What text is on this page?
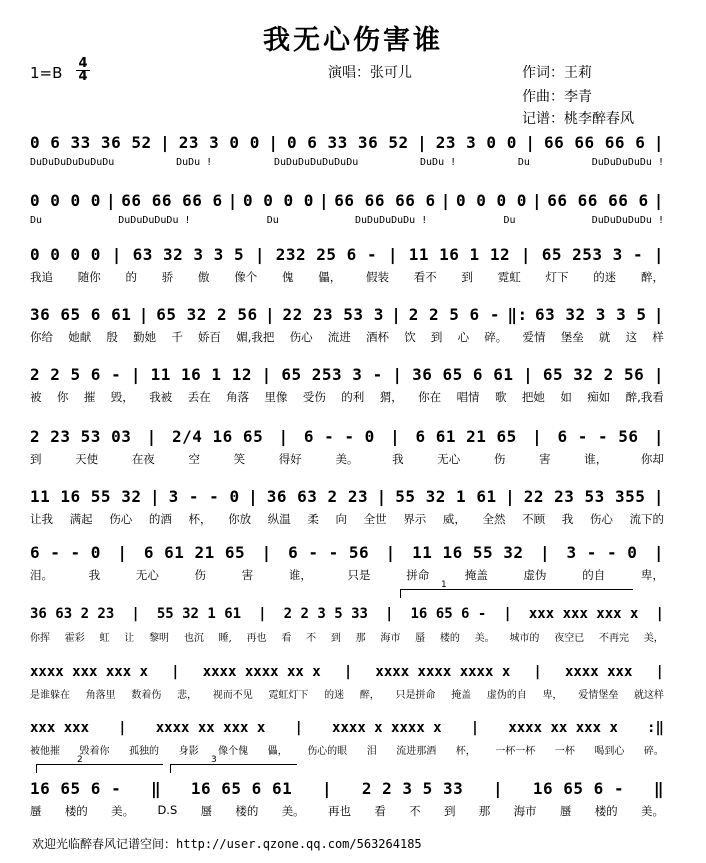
我无心伤害谁
1=B
4
4	演唱：张可儿	作词：王莉
作曲：李青
记谱：桃李醉春风
0 6 33 36 52 | 23 3 0 0 | 0 6 33 36 52 | 23 3 0 0 | 66 66 66 6 |
DuDuDuDuDuDuDu	DuDu !	DuDuDuDuDuDuDu	DuDu !	Du	DuDuDuDuDu !
0 0 0 0 | 66 66 66 6 | 0 0 0 0 | 66 66 66 6 | 0 0 0 0 | 66 66 66 6 |
Du	DuDuDuDuDu !	Du	DuDuDuDuDu !	Du	DuDuDuDuDu !
0 0 0 0 | 63 32 3 3 5 | 232 25 6 - | 11 16 1 12 | 65 253 3 - |
我追 随你 的 骄 傲 像个 傀 儡， 假装 看不 到 霓虹 灯下 的迷 醉，
36 65 6 61 | 65 32 2 56 | 22 23 53 3 | 2 2 5 6 - ‖: 63 32 3 3 5 |
你给 她献 殷 勤她 千 娇百 媚,我把 伤心 流进 酒杯 饮 到 心 碎。 爱情 堡垒 就 这 样
2 2 5 6 - | 11 16 1 12 | 65 253 3 - | 36 65 6 61 | 65 32 2 56 |
被 你 摧 毁， 我被 丢在 角落 里像 受伤 的利 猬， 你在 唱情 歌 把她 如 痴如 醉,我看
2 23 53 03 | 2/4 16 65 | 6 - - 0 | 6 61 21 65 | 6 - - 56 |
到	天使	在夜	空	笑	得好	美。	我	无心	伤	害	谁，	你却
11 16 55 32 | 3 - - 0 | 36 63 2 23 | 55 32 1 61 | 22 23 53 355 |
让我 满起 伤心 的酒 杯， 你放 纵温 柔 向 全世 界示 威， 全然 不顾 我 伤心 流下的
6 - - 0 | 6 61 21 65 | 6 - - 56 | 11 16 55 32 | 3 - - 0 |
泪。	我	无心	伤	害	谁，	只是	拼命	掩盖	虚伪	的自	卑，
36 63 2 23 | 55 32 1 61 | 2 2 3 5 33 | 16 65 6 - | xxx xxx xxx x |
你挥 霍彩 虹 让 黎明 也沉 睡, 再也 看 不 到 那 海市 蜃 楼的 美。 城市的 夜空已 不再完 美，
xxxx xxx xxx x | xxxx xxxx xx x | xxxx xxxx xxxx x | xxxx xxx |
是谁躲在 角落里 数着伤 悲， 视而不见 霓虹灯下 的迷 醉， 只是拼命 掩盖 虚伪的自 卑， 爱情堡垒 就这样
xxx xxx | xxxx xx xxx x | xxxx x xxxx x | xxxx xx xxx x :‖
被他摧 毁着你 孤独的 身影 像个傀 儡， 伤心的眼 泪 流进那酒 杯， 一杯一杯 一杯 喝到心 碎。
16 65 6 - ‖ 16 65 6 61 | 2 2 3 5 33 | 16 65 6 - ‖
蜃 楼的 美。 D.S 蜃 楼的 美。 再也 看 不 到 那 海市 蜃 楼的 美。
1
2	3
欢迎光临醉春风记谱空间：http://user.qzone.qq.com/563264185
